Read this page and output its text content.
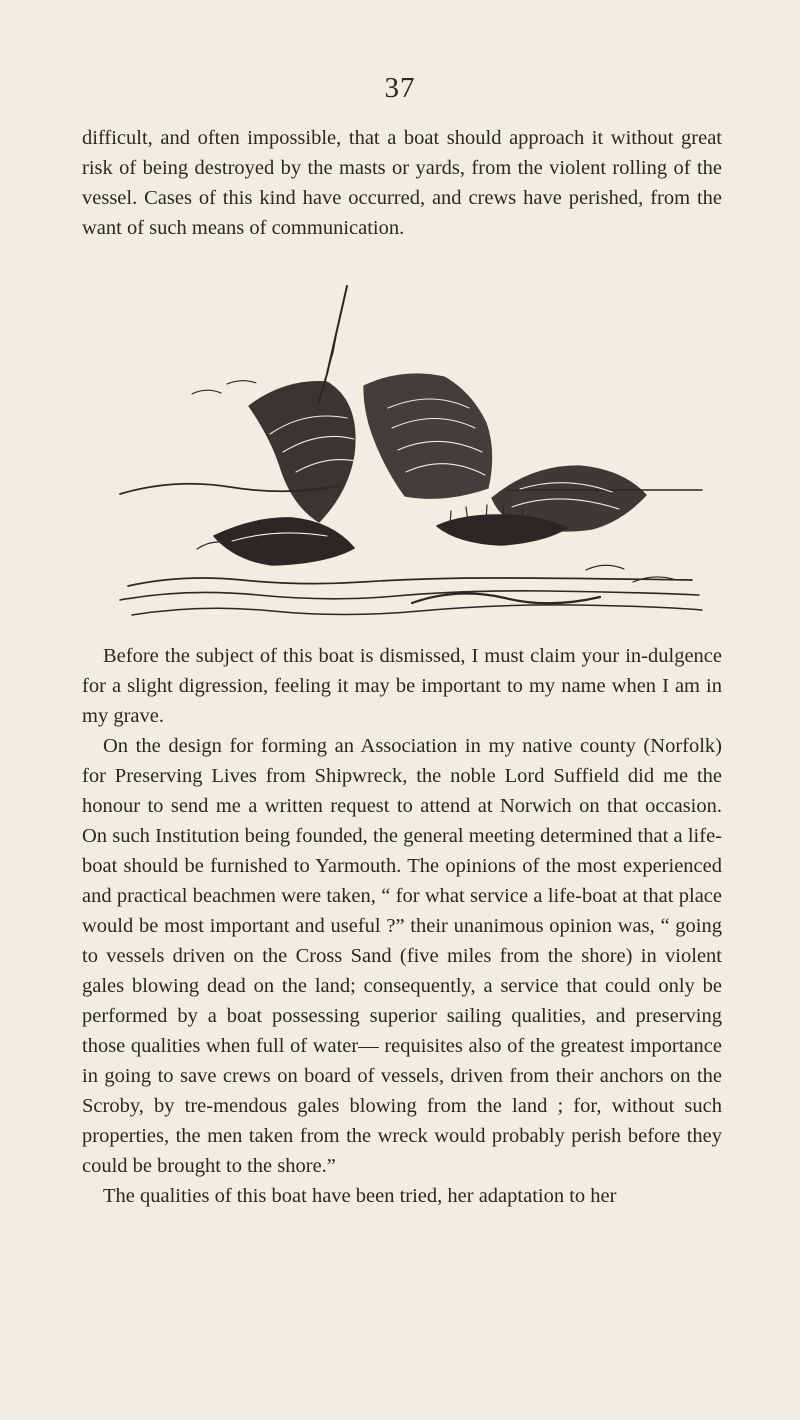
37

difficult, and often impossible, that a boat should approach it without great risk of being destroyed by the masts or yards, from the violent rolling of the vessel. Cases of this kind have occurred, and crews have perished, from the want of such means of communication.

Before the subject of this boat is dismissed, I must claim your in-dulgence for a slight digression, feeling it may be important to my name when I am in my grave.

On the design for forming an Association in my native county (Norfolk) for Preserving Lives from Shipwreck, the noble Lord Suffield did me the honour to send me a written request to attend at Norwich on that occasion. On such Institution being founded, the general meeting determined that a life-boat should be furnished to Yarmouth. The opinions of the most experienced and practical beachmen were taken, “ for what service a life-boat at that place would be most important and useful ?” their unanimous opinion was, “ going to vessels driven on the Cross Sand (five miles from the shore) in violent gales blowing dead on the land; consequently, a service that could only be performed by a boat possessing superior sailing qualities, and preserving those qualities when full of water— requisites also of the greatest importance in going to save crews on board of vessels, driven from their anchors on the Scroby, by tre-mendous gales blowing from the land ; for, without such properties, the men taken from the wreck would probably perish before they could be brought to the shore.”

The qualities of this boat have been tried, her adaptation to her
